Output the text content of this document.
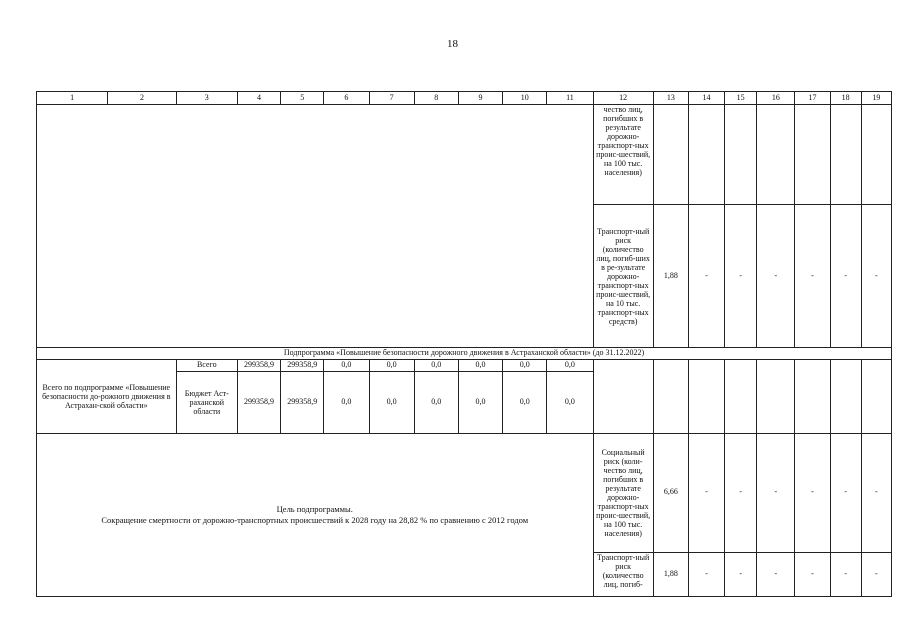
18
1	2	3	4	5	6	7	8	9	10	11	12	13	14	15	16	17	18	19
											чество лиц, погибших в результате дорожно-транспорт-ных проис-шествий, на 100 тыс. населения)							
											Транспорт-ный риск (количество лиц, погиб-ших в ре-зультате дорожно-транспорт-ных проис-шествий, на 10 тыс. транспорт-ных средств)	1,88	-	-	-	-	-	-
Подпрограмма «Повышение безопасности дорожного движения в Астраханской области» (до 31.12.2022)																		
Всего по подпрограмме «Повышение безопасности до-рожного движения в Астрахан-ской области»		Всего	299358,9	299358,9	0,0	0,0	0,0	0,0	0,0	0,0								
		Бюджет Аст-раханской области	299358,9	299358,9	0,0	0,0	0,0	0,0	0,0	0,0								

Цель подпрограммы.
Сокращение смертности от дорожно-транспортных происшествий к 2028 году на 28,82 % по сравнению с 2012 годом											Социальный риск (коли-чество лиц, погибших в результате дорожно-транспорт-ных проис-шествий, на 100 тыс. населения)	6,66	-	-	-	-	-	-
											Транспорт-ный риск (количество лиц, погиб-	1,88	-	-	-	-	-	-
